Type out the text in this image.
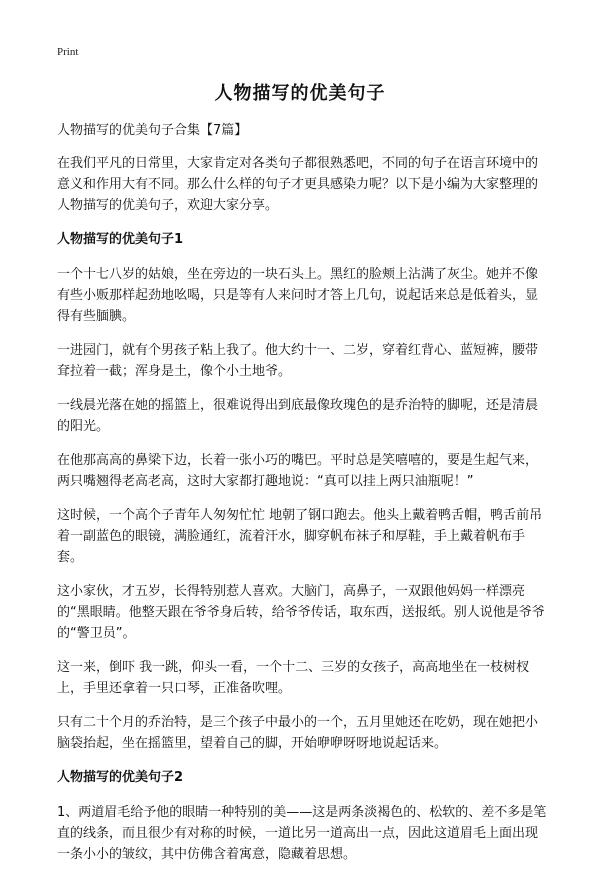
Print
人物描写的优美句子

人物描写的优美句子合集【7篇】

在我们平凡的日常里，大家肯定对各类句子都很熟悉吧，不同的句子在语言环境中的意义和作用大有不同。那么什么样的句子才更具感染力呢？以下是小编为大家整理的人物描写的优美句子，欢迎大家分享。

人物描写的优美句子1

一个十七八岁的姑娘，坐在旁边的一块石头上。黑红的脸颊上沾满了灰尘。她并不像有些小贩那样起劲地吆喝，只是等有人来问时才答上几句，说起话来总是低着头，显得有些腼腆。

一进园门，就有个男孩子粘上我了。他大约十一、二岁，穿着红背心、蓝短裤，腰带耷拉着一截；浑身是土，像个小土地爷。

一线晨光落在她的摇篮上，很难说得出到底最像玫瑰色的是乔治特的脚呢，还是清晨的阳光。

在他那高高的鼻梁下边，长着一张小巧的嘴巴。平时总是笑嘻嘻的，要是生起气来，两只嘴翘得老高老高，这时大家都打趣地说：“真可以挂上两只油瓶呢！”

这时候，一个高个子青年人匆匆忙忙 地朝了钢口跑去。他头上戴着鸭舌帽，鸭舌前吊着一副蓝色的眼镜，满脸通红，流着汗水，脚穿帆布袜子和厚鞋，手上戴着帆布手套。

这小家伙，才五岁，长得特别惹人喜欢。大脑门，高鼻子，一双跟他妈妈一样漂亮的“黑眼睛。他整天跟在爷爷身后转，给爷爷传话，取东西，送报纸。别人说他是爷爷的“警卫员”。

这一来，倒吓 我一跳，仰头一看，一个十二、三岁的女孩子，高高地坐在一枝树杈上，手里还拿着一只口琴，正准备吹哩。

只有二十个月的乔治特，是三个孩子中最小的一个，五月里她还在吃奶，现在她把小脑袋抬起，坐在摇篮里，望着自己的脚，开始咿咿呀呀地说起话来。

人物描写的优美句子2

1、两道眉毛给予他的眼睛一种特别的美——这是两条淡褐色的、松软的、差不多是笔直的线条，而且很少有对称的时候，一道比另一道高出一点，因此这道眉毛上面出现一条小小的皱纹，其中仿佛含着寓意，隐藏着思想。
